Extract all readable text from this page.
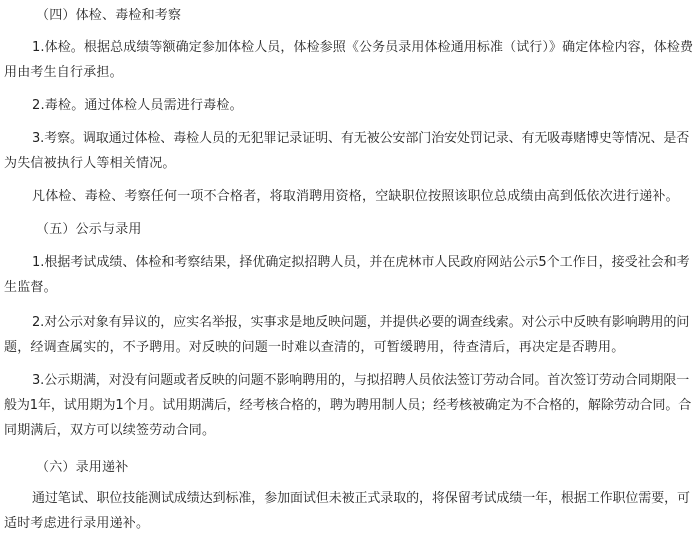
（四）体检、毒检和考察
1.体检。根据总成绩等额确定参加体检人员，体检参照《公务员录用体检通用标准（试行）》确定体检内容，体检费
用由考生自行承担。
2.毒检。通过体检人员需进行毒检。
3.考察。调取通过体检、毒检人员的无犯罪记录证明、有无被公安部门治安处罚记录、有无吸毒赌博史等情况、是否
为失信被执行人等相关情况。
凡体检、毒检、考察任何一项不合格者，将取消聘用资格，空缺职位按照该职位总成绩由高到低依次进行递补。
（五）公示与录用
1.根据考试成绩、体检和考察结果，择优确定拟招聘人员，并在虎林市人民政府网站公示5个工作日，接受社会和考
生监督。
2.对公示对象有异议的，应实名举报，实事求是地反映问题，并提供必要的调查线索。对公示中反映有影响聘用的问
题，经调查属实的，不予聘用。对反映的问题一时难以查清的，可暂缓聘用，待查清后，再决定是否聘用。
3.公示期满，对没有问题或者反映的问题不影响聘用的，与拟招聘人员依法签订劳动合同。首次签订劳动合同期限一
般为1年，试用期为1个月。试用期满后，经考核合格的，聘为聘用制人员；经考核被确定为不合格的，解除劳动合同。合
同期满后，双方可以续签劳动合同。
（六）录用递补
通过笔试、职位技能测试成绩达到标准，参加面试但未被正式录取的，将保留考试成绩一年，根据工作职位需要，可
适时考虑进行录用递补。
